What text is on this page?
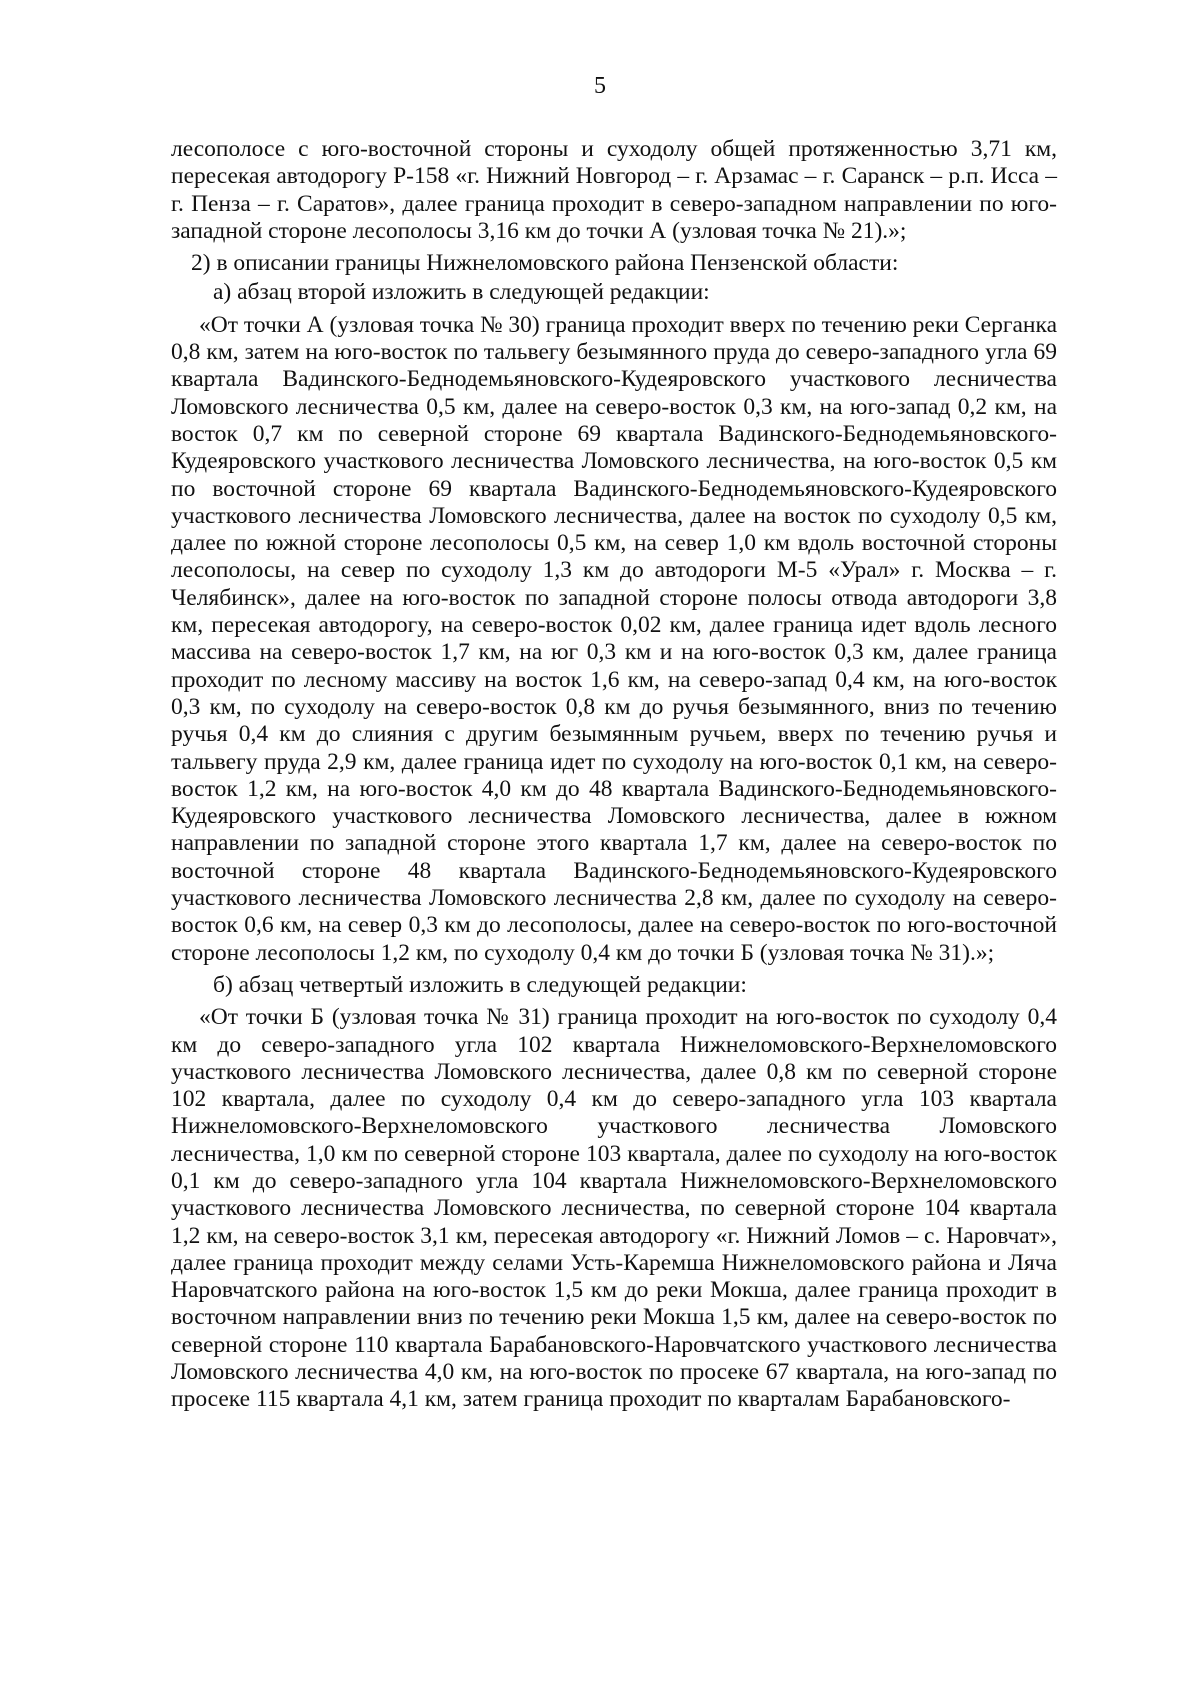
5

лесополосе с юго-восточной стороны и суходолу общей протяженностью 3,71 км, пересекая автодорогу Р-158 «г. Нижний Новгород – г. Арзамас – г. Саранск – р.п. Исса – г. Пенза – г. Саратов», далее граница проходит в северо-западном направлении по юго-западной стороне лесополосы 3,16 км до точки А (узловая точка № 21).»;

2) в описании границы Нижнеломовского района Пензенской области:

а) абзац второй изложить в следующей редакции:

«От точки А (узловая точка № 30) граница проходит вверх по течению реки Серганка 0,8 км, затем на юго-восток по тальвегу безымянного пруда до северо-западного угла 69 квартала Вадинского-Беднодемьяновского-Кудеяровского участкового лесничества Ломовского лесничества 0,5 км, далее на северо-восток 0,3 км, на юго-запад 0,2 км, на восток 0,7 км по северной стороне 69 квартала Вадинского-Беднодемьяновского-Кудеяровского участкового лесничества Ломовского лесничества, на юго-восток 0,5 км по восточной стороне 69 квартала Вадинского-Беднодемьяновского-Кудеяровского участкового лесничества Ломовского лесничества, далее на восток по суходолу 0,5 км, далее по южной стороне лесополосы 0,5 км, на север 1,0 км вдоль восточной стороны лесополосы, на север по суходолу 1,3 км до автодороги М-5 «Урал» г. Москва – г. Челябинск», далее на юго-восток по западной стороне полосы отвода автодороги 3,8 км, пересекая автодорогу, на северо-восток 0,02 км, далее граница идет вдоль лесного массива на северо-восток 1,7 км, на юг 0,3 км и на юго-восток 0,3 км, далее граница проходит по лесному массиву на восток 1,6 км, на северо-запад 0,4 км, на юго-восток 0,3 км, по суходолу на северо-восток 0,8 км до ручья безымянного, вниз по течению ручья 0,4 км до слияния с другим безымянным ручьем, вверх по течению ручья и тальвегу пруда 2,9 км, далее граница идет по суходолу на юго-восток 0,1 км, на северо-восток 1,2 км, на юго-восток 4,0 км до 48 квартала Вадинского-Беднодемьяновского-Кудеяровского участкового лесничества Ломовского лесничества, далее в южном направлении по западной стороне этого квартала 1,7 км, далее на северо-восток по восточной стороне 48 квартала Вадинского-Беднодемьяновского-Кудеяровского участкового лесничества Ломовского лесничества 2,8 км, далее по суходолу на северо-восток 0,6 км, на север 0,3 км до лесополосы, далее на северо-восток по юго-восточной стороне лесополосы 1,2 км, по суходолу 0,4 км до точки Б (узловая точка № 31).»;

б) абзац четвертый изложить в следующей редакции:

«От точки Б (узловая точка № 31) граница проходит на юго-восток по суходолу 0,4 км до северо-западного угла 102 квартала Нижнеломовского-Верхнеломовского участкового лесничества Ломовского лесничества, далее 0,8 км по северной стороне 102 квартала, далее по суходолу 0,4 км до северо-западного угла 103 квартала Нижнеломовского-Верхнеломовского участкового лесничества Ломовского лесничества, 1,0 км по северной стороне 103 квартала, далее по суходолу на юго-восток 0,1 км до северо-западного угла 104 квартала Нижнеломовского-Верхнеломовского участкового лесничества Ломовского лесничества, по северной стороне 104 квартала 1,2 км, на северо-восток 3,1 км, пересекая автодорогу «г. Нижний Ломов – с. Наровчат», далее граница проходит между селами Усть-Каремша Нижнеломовского района и Ляча Наровчатского района на юго-восток 1,5 км до реки Мокша, далее граница проходит в восточном направлении вниз по течению реки Мокша 1,5 км, далее на северо-восток по северной стороне 110 квартала Барабановского-Наровчатского участкового лесничества Ломовского лесничества 4,0 км, на юго-восток по просеке 67 квартала, на юго-запад по просеке 115 квартала 4,1 км, затем граница проходит по кварталам Барабановского-
